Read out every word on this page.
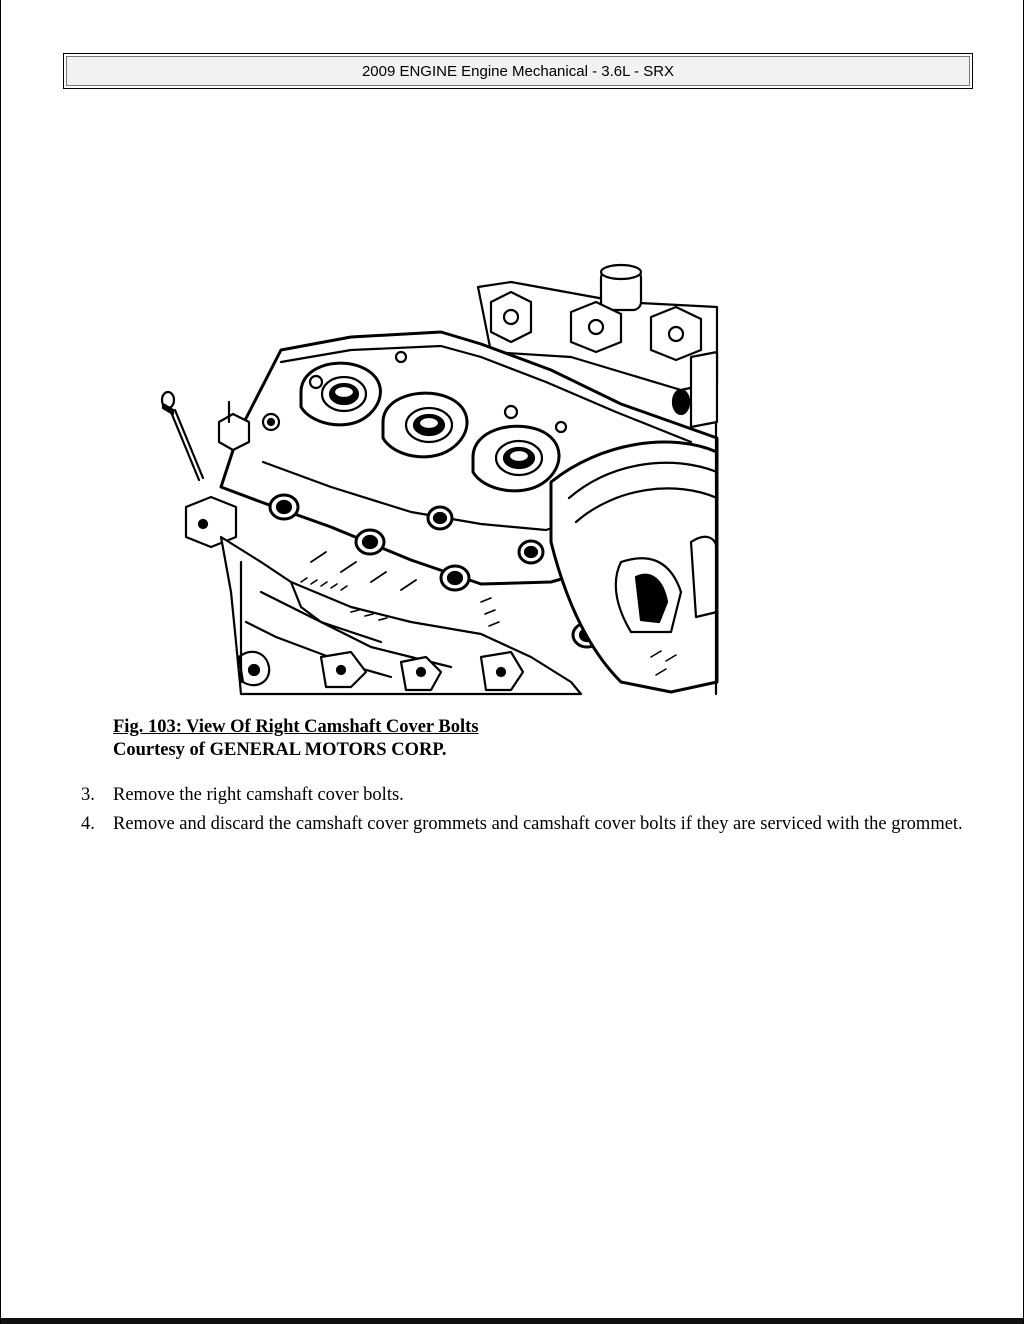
2009 ENGINE Engine Mechanical - 3.6L - SRX
Fig. 103: View Of Right Camshaft Cover Bolts
Courtesy of GENERAL MOTORS CORP.
3. Remove the right camshaft cover bolts.
4. Remove and discard the camshaft cover grommets and camshaft cover bolts if they are serviced with the grommet.
